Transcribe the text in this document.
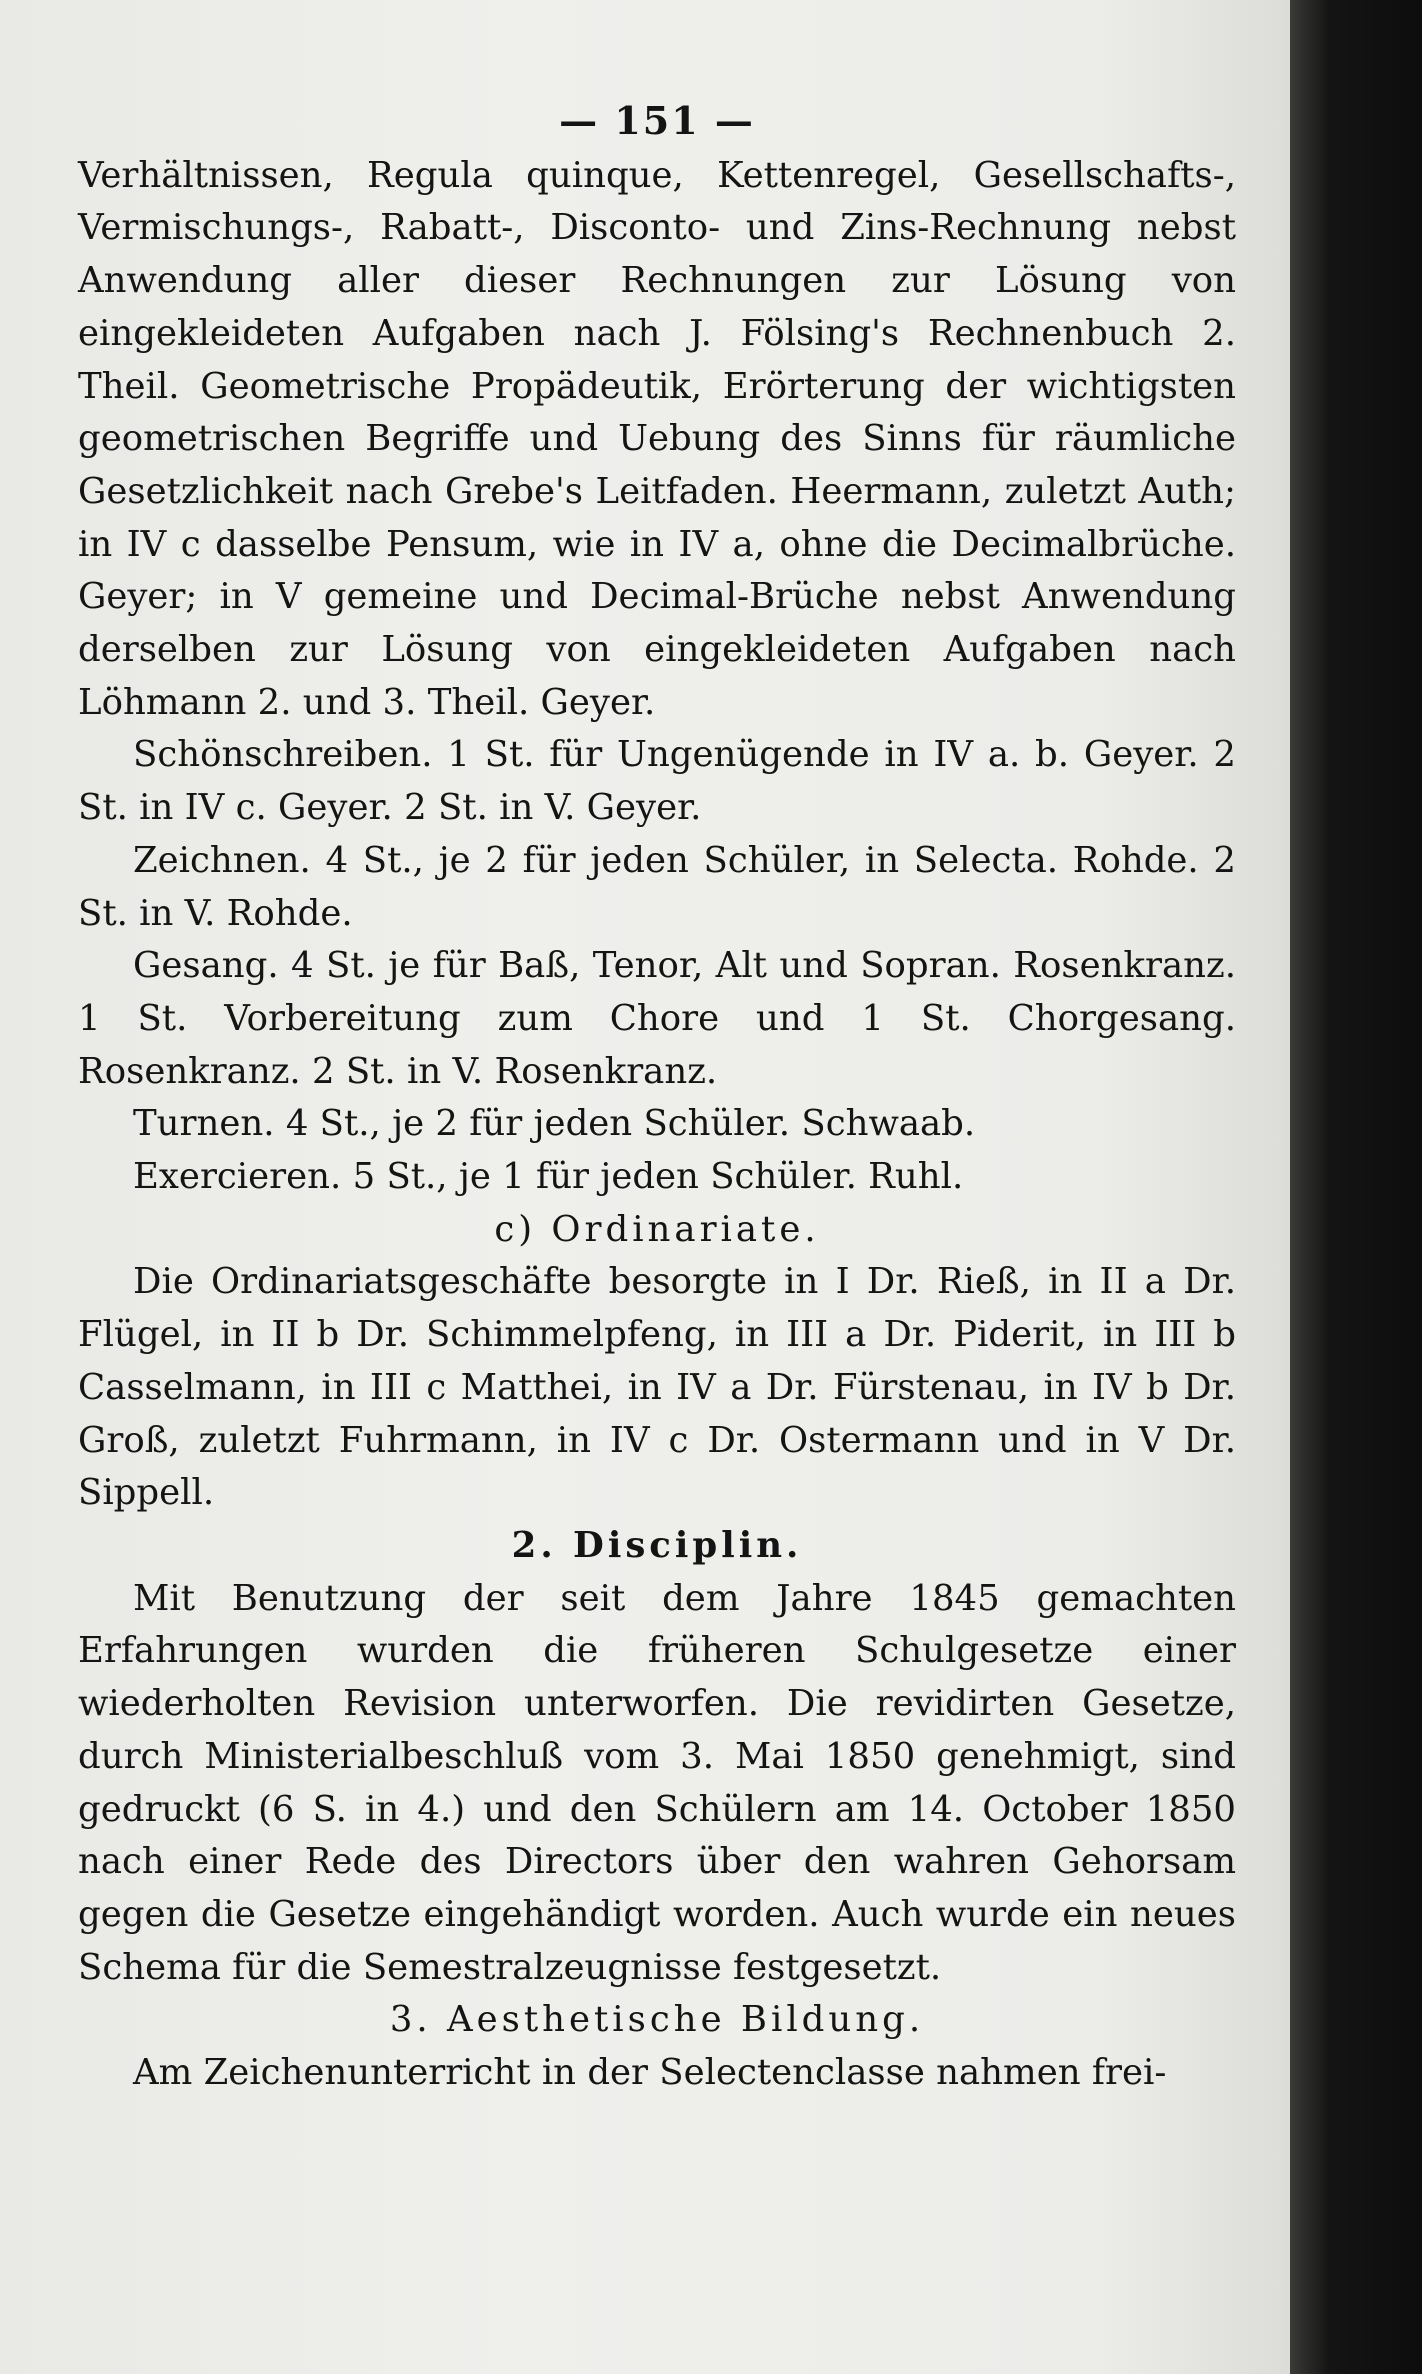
— 151 —

Verhältnissen, Regula quinque, Kettenregel, Gesellschafts-, Vermischungs-, Rabatt-, Disconto- und Zins-Rechnung nebst Anwendung aller dieser Rechnungen zur Lösung von eingekleideten Aufgaben nach J. Fölsing's Rechnenbuch 2. Theil. Geometrische Propädeutik, Erörterung der wichtigsten geometrischen Begriffe und Uebung des Sinns für räumliche Gesetzlichkeit nach Grebe's Leitfaden. Heermann, zuletzt Auth; in IV c dasselbe Pensum, wie in IV a, ohne die Decimalbrüche. Geyer; in V gemeine und Decimal-Brüche nebst Anwendung derselben zur Lösung von eingekleideten Aufgaben nach Löhmann 2. und 3. Theil. Geyer.

Schönschreiben. 1 St. für Ungenügende in IV a. b. Geyer. 2 St. in IV c. Geyer. 2 St. in V. Geyer.

Zeichnen. 4 St., je 2 für jeden Schüler, in Selecta. Rohde. 2 St. in V. Rohde.

Gesang. 4 St. je für Baß, Tenor, Alt und Sopran. Rosenkranz. 1 St. Vorbereitung zum Chore und 1 St. Chorgesang. Rosenkranz. 2 St. in V. Rosenkranz.

Turnen. 4 St., je 2 für jeden Schüler. Schwaab.

Exercieren. 5 St., je 1 für jeden Schüler. Ruhl.

c) Ordinariate.

Die Ordinariatsgeschäfte besorgte in I Dr. Rieß, in II a Dr. Flügel, in II b Dr. Schimmelpfeng, in III a Dr. Piderit, in III b Casselmann, in III c Matthei, in IV a Dr. Fürstenau, in IV b Dr. Groß, zuletzt Fuhrmann, in IV c Dr. Ostermann und in V Dr. Sippell.

2. Disciplin.

Mit Benutzung der seit dem Jahre 1845 gemachten Erfahrungen wurden die früheren Schulgesetze einer wiederholten Revision unterworfen. Die revidirten Gesetze, durch Ministerialbeschluß vom 3. Mai 1850 genehmigt, sind gedruckt (6 S. in 4.) und den Schülern am 14. October 1850 nach einer Rede des Directors über den wahren Gehorsam gegen die Gesetze eingehändigt worden. Auch wurde ein neues Schema für die Semestralzeugnisse festgesetzt.

3. Aesthetische Bildung.

Am Zeichenunterricht in der Selectenclasse nahmen frei-
